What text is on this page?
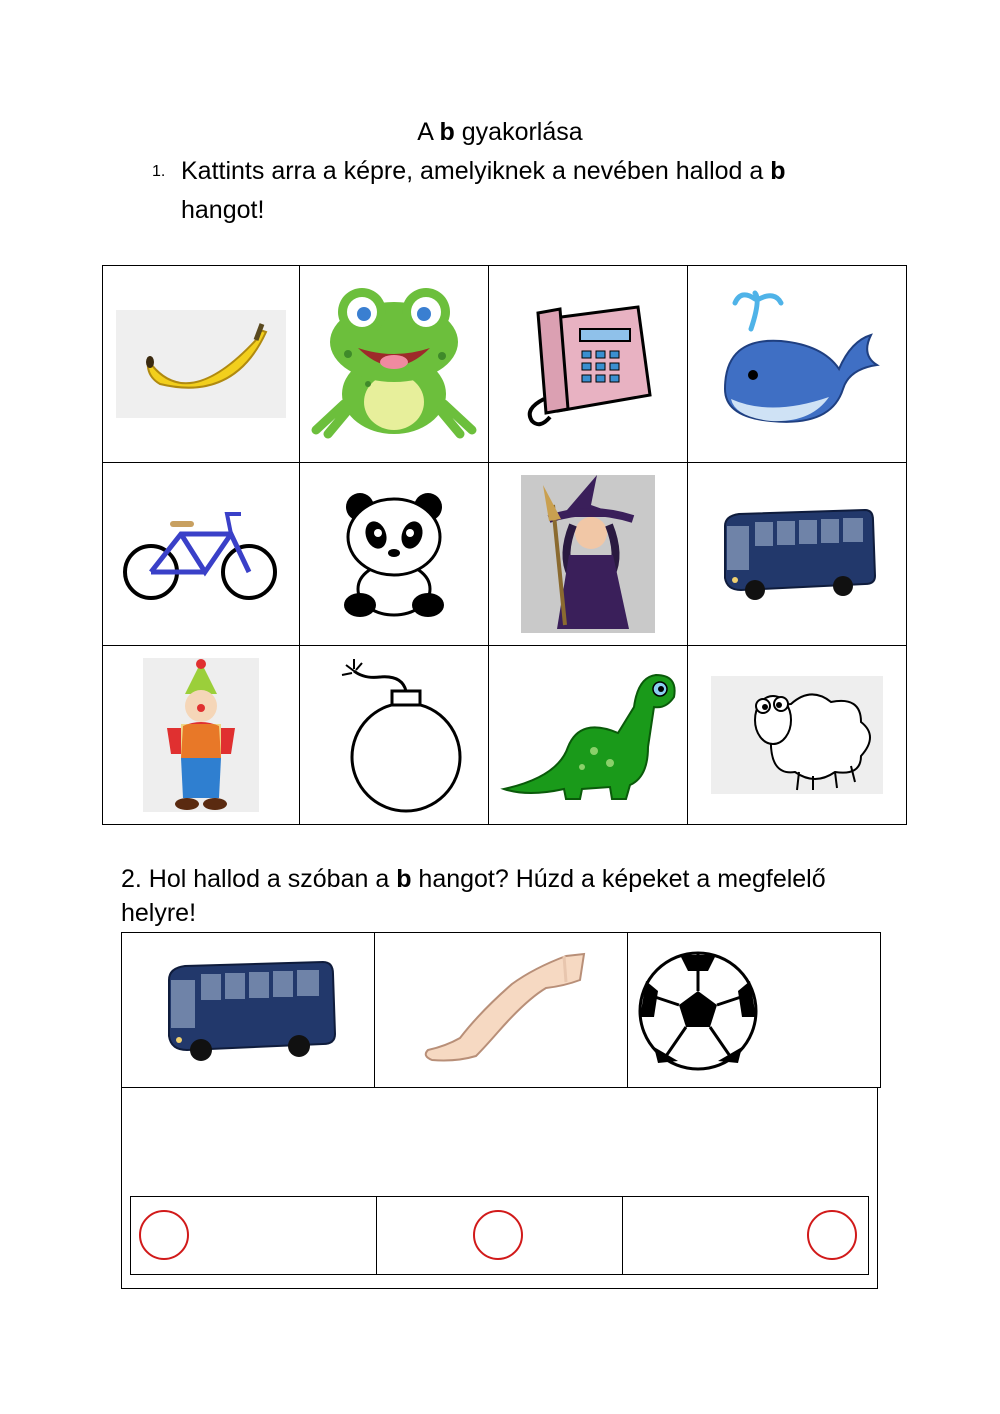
A b gyakorlása
1. Kattints arra a képre, amelyiknek a nevében hallod a b hangot!

2. Hol hallod a szóban a b hangot? Húzd a képeket a megfelelő helyre!
